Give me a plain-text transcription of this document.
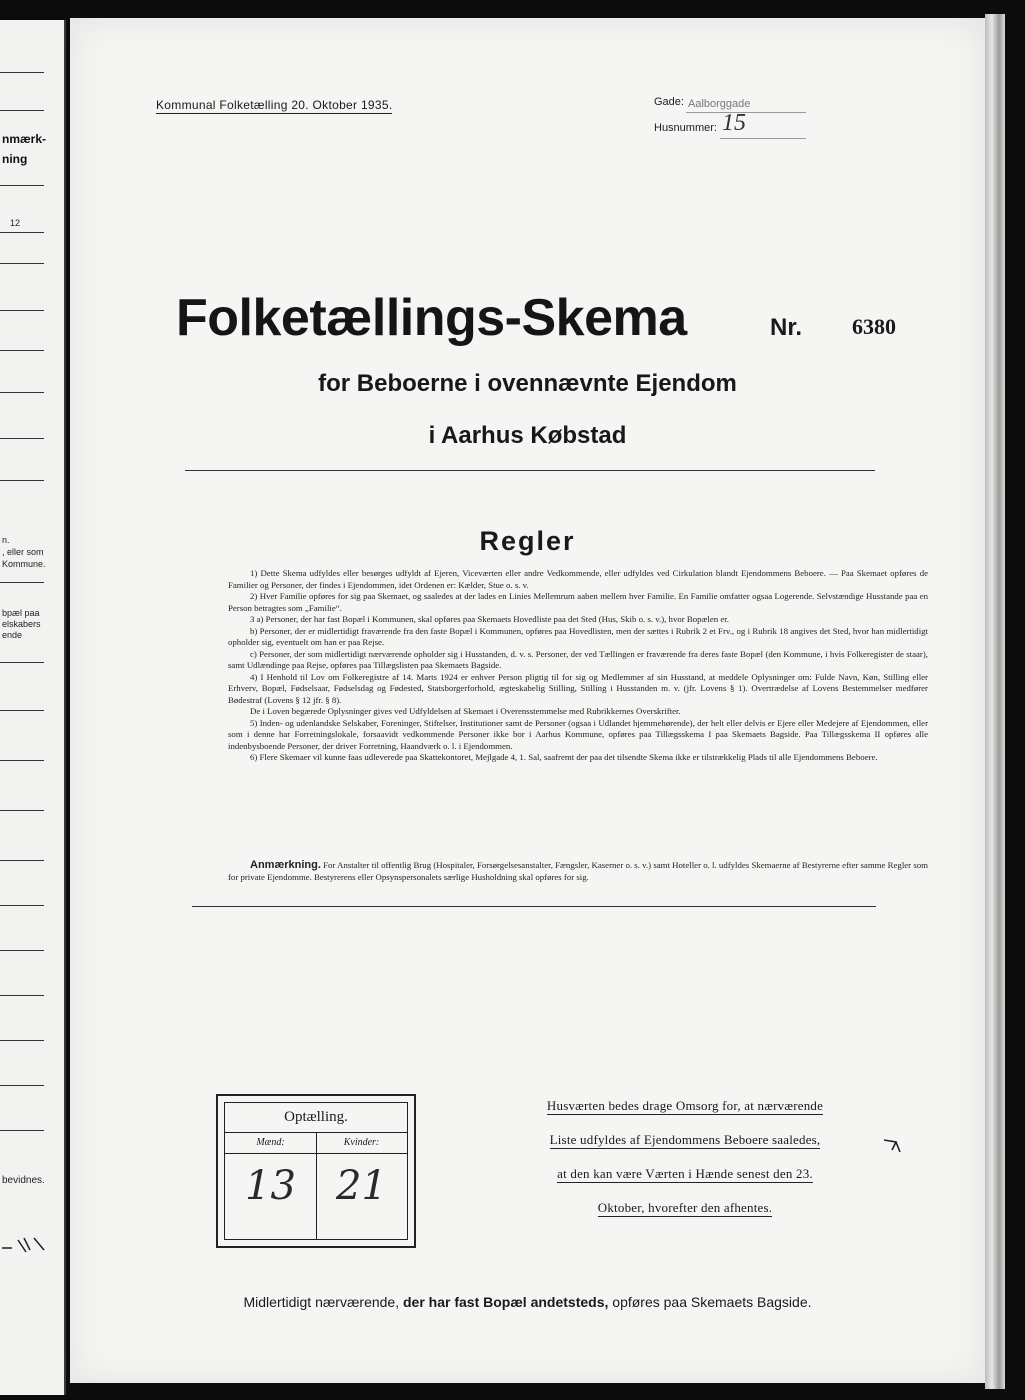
nmærk-
ning
12
n.
, eller som
Kommune.
bpæl paa
elskabers
ende
bevidnes.
Kommunal Folketælling 20. Oktober 1935.	Gade: Aalborggade
Husnummer: 15
Folketællings-Skema	Nr. 6380
for Beboerne i ovennævnte Ejendom
i Aarhus Købstad
Regler
1) Dette Skema udfyldes eller besørges udfyldt af Ejeren, Viceværten eller andre Vedkommende, eller udfyldes ved Cirkulation blandt Ejendommens Beboere. — Paa Skemaet opføres de Familier og Personer, der findes i Ejendommen, idet Ordenen er: Kælder, Stue o. s. v.
2) Hver Familie opføres for sig paa Skemaet, og saaledes at der lades en Linies Mellemrum aaben mellem hver Familie. En Familie omfatter ogsaa Logerende. Selvstændige Husstande paa en Person betragtes som „Familie“.
3 a) Personer, der har fast Bopæl i Kommunen, skal opføres paa Skemaets Hovedliste paa det Sted (Hus, Skib o. s. v.), hvor Bopælen er.
b) Personer, der er midlertidigt fraværende fra den faste Bopæl i Kommunen, opføres paa Hovedlisten, men der sættes i Rubrik 2 et Frv., og i Rubrik 18 angives det Sted, hvor han midlertidigt opholder sig, eventuelt om han er paa Rejse.
c) Personer, der som midlertidigt nærværende opholder sig i Husstanden, d. v. s. Personer, der ved Tællingen er fraværende fra deres faste Bopæl (den Kommune, i hvis Folkeregister de staar), samt Udlændinge paa Rejse, opføres paa Tillægslisten paa Skemaets Bagside.
4) I Henhold til Lov om Folkeregistre af 14. Marts 1924 er enhver Person pligtig til for sig og Medlemmer af sin Husstand, at meddele Oplysninger om: Fulde Navn, Køn, Stilling eller Erhverv, Bopæl, Fødselsaar, Fødselsdag og Fødested, Statsborgerforhold, ægteskabelig Stilling, Stilling i Husstanden m. v. (jfr. Lovens § 1). Overtrædelse af Lovens Bestemmelser medfører Bødestraf (Lovens § 12 jfr. § 8).
De i Loven begærede Oplysninger gives ved Udfyldelsen af Skemaet i Overensstemmelse med Rubrikkernes Overskrifter.
5) Inden- og udenlandske Selskaber, Foreninger, Stiftelser, Institutioner samt de Personer (ogsaa i Udlandet hjemmehørende), der helt eller delvis er Ejere eller Medejere af Ejendommen, eller som i denne har Forretningslokale, forsaavidt vedkommende Personer ikke bor i Aarhus Kommune, opføres paa Tillægsskema I paa Skemaets Bagside. Paa Tillægsskema II opføres alle indenbysboende Personer, der driver Forretning, Haandværk o. l. i Ejendommen.
6) Flere Skemaer vil kunne faas udleverede paa Skattekontoret, Mejlgade 4, 1. Sal, saafremt der paa det tilsendte Skema ikke er tilstrækkelig Plads til alle Ejendommens Beboere.
Anmærkning. For Anstalter til offentlig Brug (Hospitaler, Forsørgelsesanstalter, Fængsler, Kaserner o. s. v.) samt Hoteller o. l. udfyldes Skemaerne af Bestyrerne efter samme Regler som for private Ejendomme. Bestyrerens eller Opsynspersonalets særlige Husholdning skal opføres for sig.
Optælling.
Mænd:	Kvinder:
13	21
Husværten bedes drage Omsorg for, at nærværende
Liste udfyldes af Ejendommens Beboere saaledes,
at den kan være Værten i Hænde senest den 23.
Oktober, hvorefter den afhentes.
Midlertidigt nærværende, der har fast Bopæl andetsteds, opføres paa Skemaets Bagside.
